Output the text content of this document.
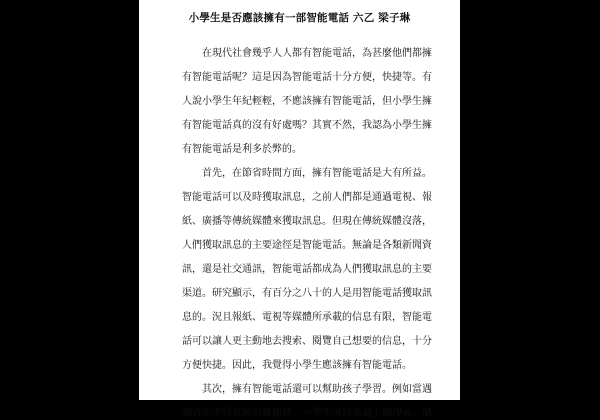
小學生是否應該擁有一部智能電話 六乙 梁子琳
　　在現代社會幾乎人人都有智能電話，為甚麼他們都擁
有智能電話呢？這是因為智能電話十分方便，快捷等。有
人說小學生年紀輕輕，不應該擁有智能電話，但小學生擁
有智能電話真的沒有好處嗎？其實不然，我認為小學生擁
有智能電話是利多於弊的。
　　首先，在節省時間方面，擁有智能電話是大有所益。
智能電話可以及時獲取訊息，之前人們都是通過電視、報
紙、廣播等傳統媒體來獲取訊息。但現在傳統媒體沒落，
人們獲取訊息的主要途徑是智能電話。無論是各類新聞資
訊，還是社交通訊，智能電話都成為人們獲取訊息的主要
渠道。研究顯示，有百分之八十的人是用智能電話獲取訊
息的。況且報紙、電視等媒體所承載的信息有限，智能電
話可以讓人更主動地去搜索、閱覽自己想要的信息，十分
方便快捷。因此，我覺得小學生應該擁有智能電話。
　　其次，擁有智能電話還可以幫助孩子學習。例如當遇
到百思不得其解的難題時，小學生可以通過上網搜尋、瀏
